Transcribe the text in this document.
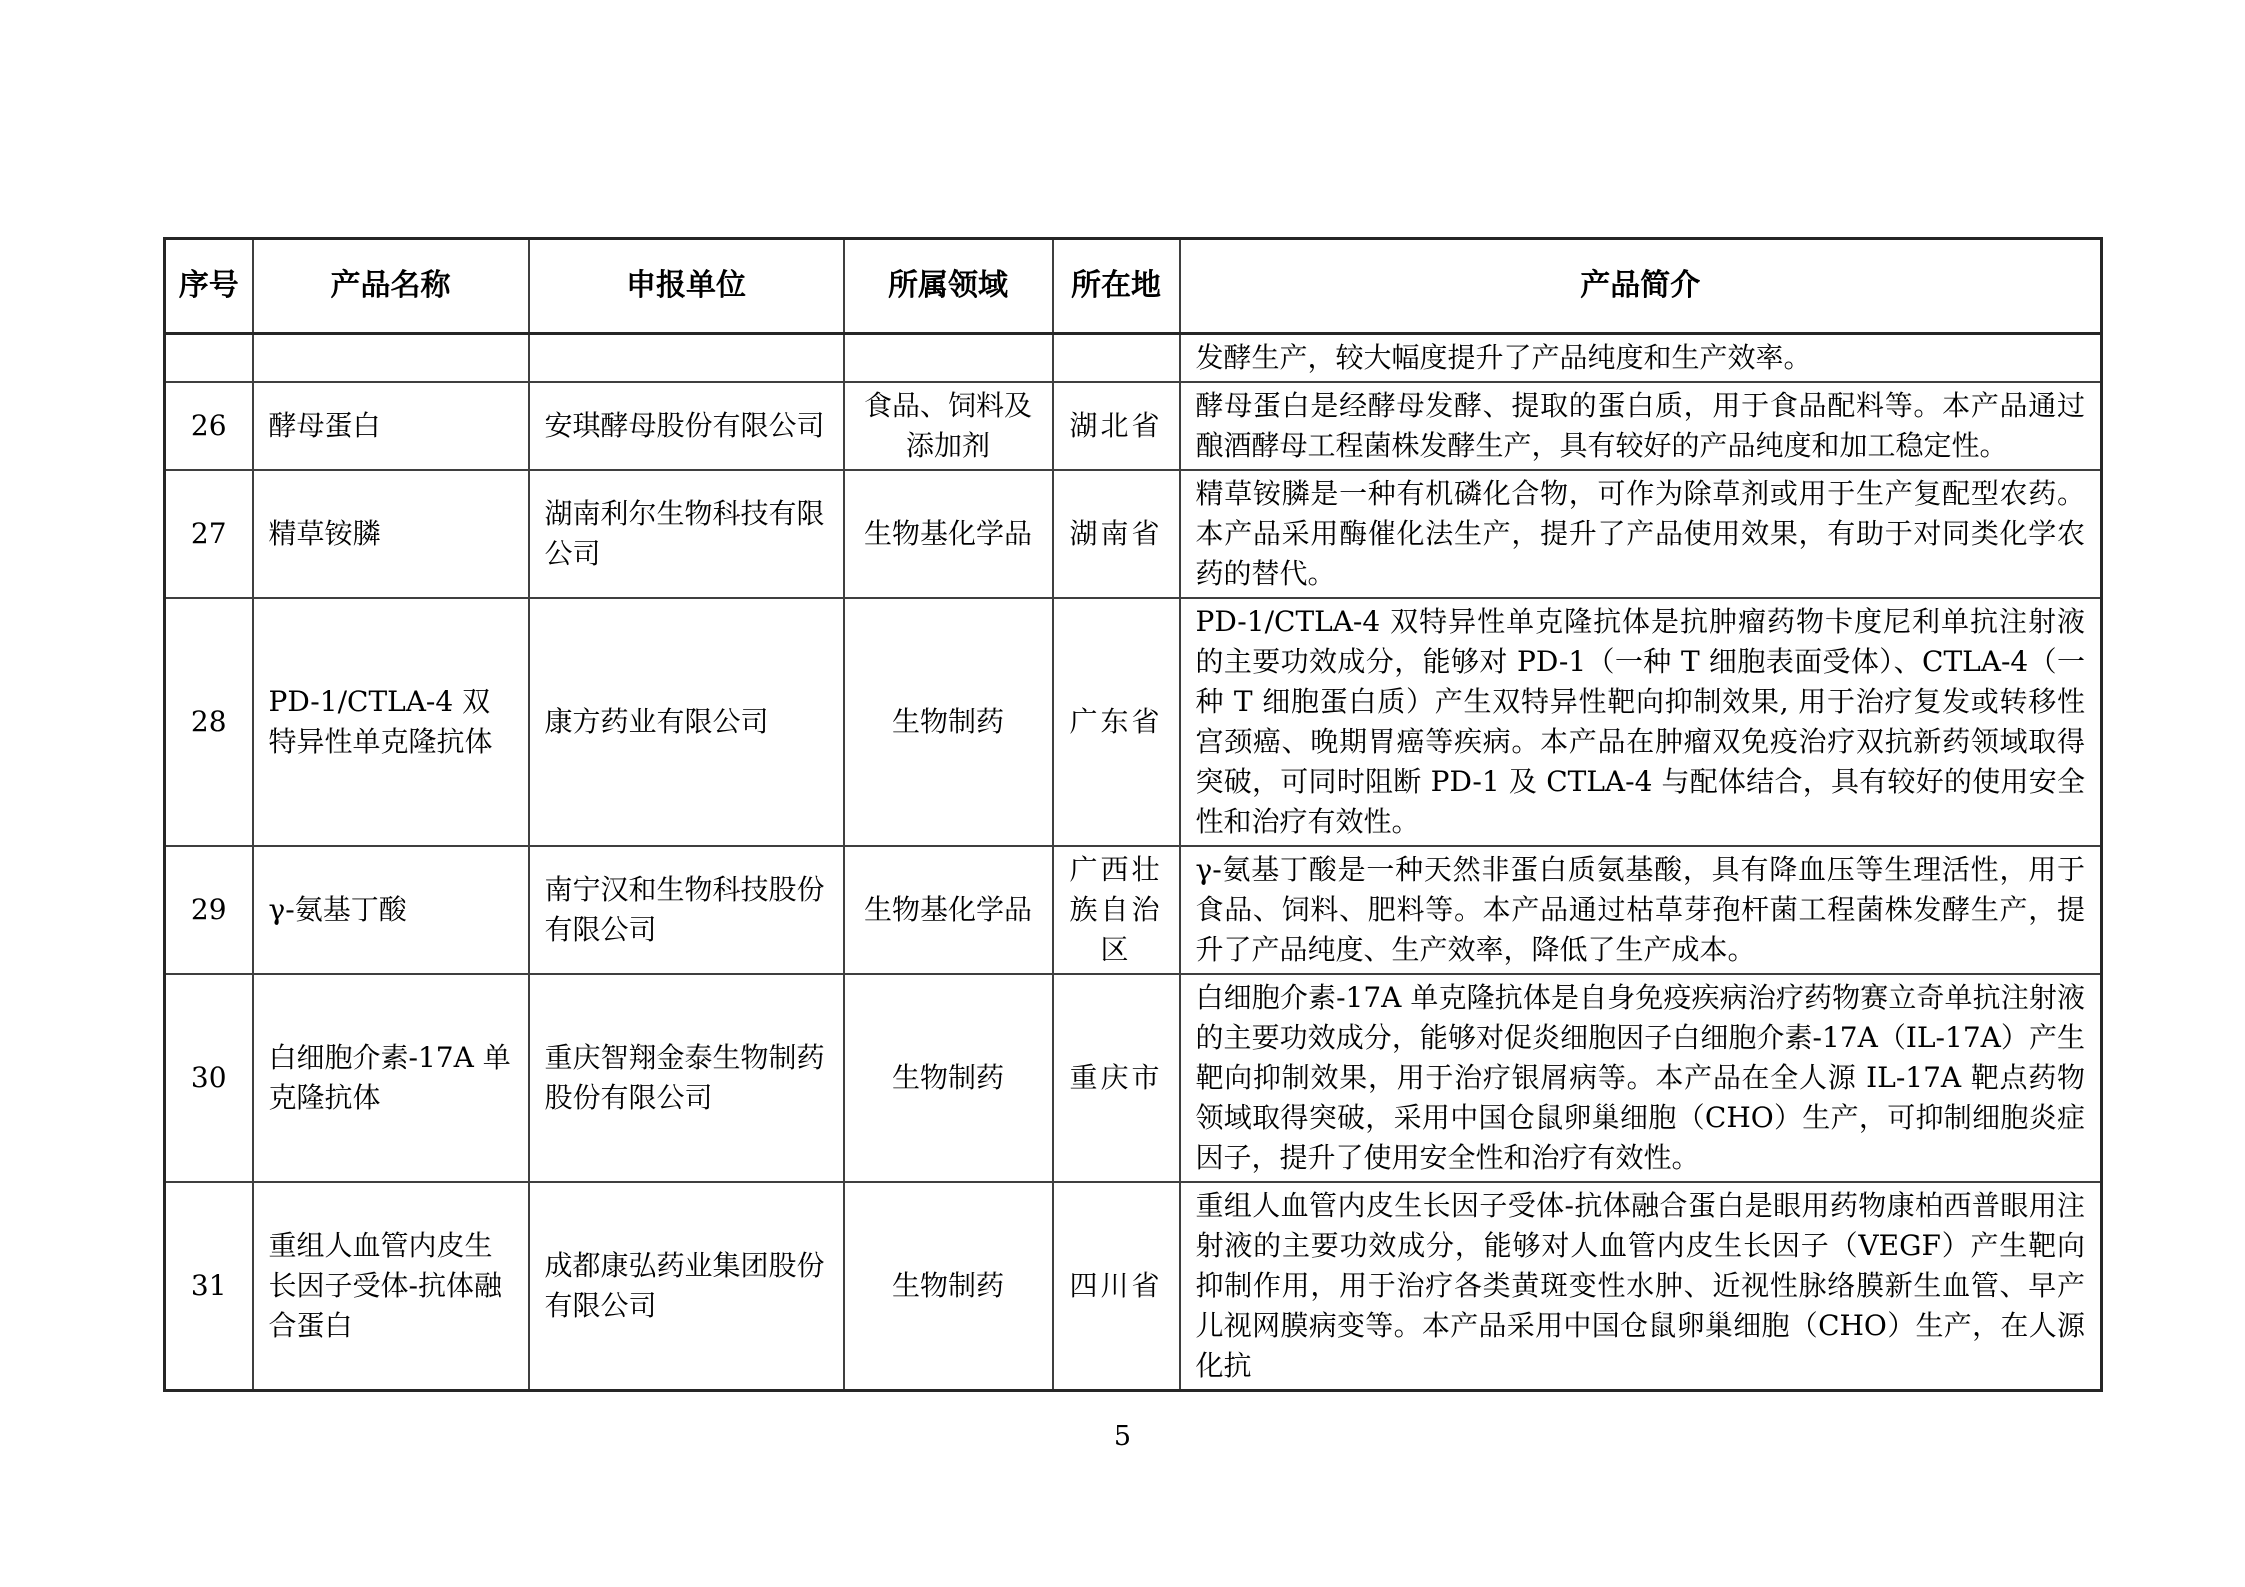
序号	产品名称	申报单位	所属领域	所在地	产品简介
					发酵生产，较大幅度提升了产品纯度和生产效率。
26	酵母蛋白	安琪酵母股份有限公司	食品、饲料及添加剂	湖北省	酵母蛋白是经酵母发酵、提取的蛋白质，用于食品配料等。本产品通过酿酒酵母工程菌株发酵生产，具有较好的产品纯度和加工稳定性。
27	精草铵膦	湖南利尔生物科技有限公司	生物基化学品	湖南省	精草铵膦是一种有机磷化合物，可作为除草剂或用于生产复配型农药。本产品采用酶催化法生产，提升了产品使用效果，有助于对同类化学农药的替代。
28	PD-1/CTLA-4 双特异性单克隆抗体	康方药业有限公司	生物制药	广东省	PD-1/CTLA-4 双特异性单克隆抗体是抗肿瘤药物卡度尼利单抗注射液的主要功效成分，能够对 PD-1（一种 T 细胞表面受体）、CTLA-4（一种 T 细胞蛋白质）产生双特异性靶向抑制效果, 用于治疗复发或转移性宫颈癌、晚期胃癌等疾病。本产品在肿瘤双免疫治疗双抗新药领域取得突破，可同时阻断 PD-1 及 CTLA-4 与配体结合，具有较好的使用安全性和治疗有效性。
29	γ-氨基丁酸	南宁汉和生物科技股份有限公司	生物基化学品	广西壮族自治区	γ-氨基丁酸是一种天然非蛋白质氨基酸，具有降血压等生理活性，用于食品、饲料、肥料等。本产品通过枯草芽孢杆菌工程菌株发酵生产，提升了产品纯度、生产效率，降低了生产成本。
30	白细胞介素-17A 单克隆抗体	重庆智翔金泰生物制药股份有限公司	生物制药	重庆市	白细胞介素-17A 单克隆抗体是自身免疫疾病治疗药物赛立奇单抗注射液的主要功效成分，能够对促炎细胞因子白细胞介素-17A（IL-17A）产生靶向抑制效果，用于治疗银屑病等。本产品在全人源 IL-17A 靶点药物领域取得突破，采用中国仓鼠卵巢细胞（CHO）生产，可抑制细胞炎症因子，提升了使用安全性和治疗有效性。
31	重组人血管内皮生长因子受体-抗体融合蛋白	成都康弘药业集团股份有限公司	生物制药	四川省	重组人血管内皮生长因子受体-抗体融合蛋白是眼用药物康柏西普眼用注射液的主要功效成分，能够对人血管内皮生长因子（VEGF）产生靶向抑制作用，用于治疗各类黄斑变性水肿、近视性脉络膜新生血管、早产儿视网膜病变等。本产品采用中国仓鼠卵巢细胞（CHO）生产，在人源化抗
5
